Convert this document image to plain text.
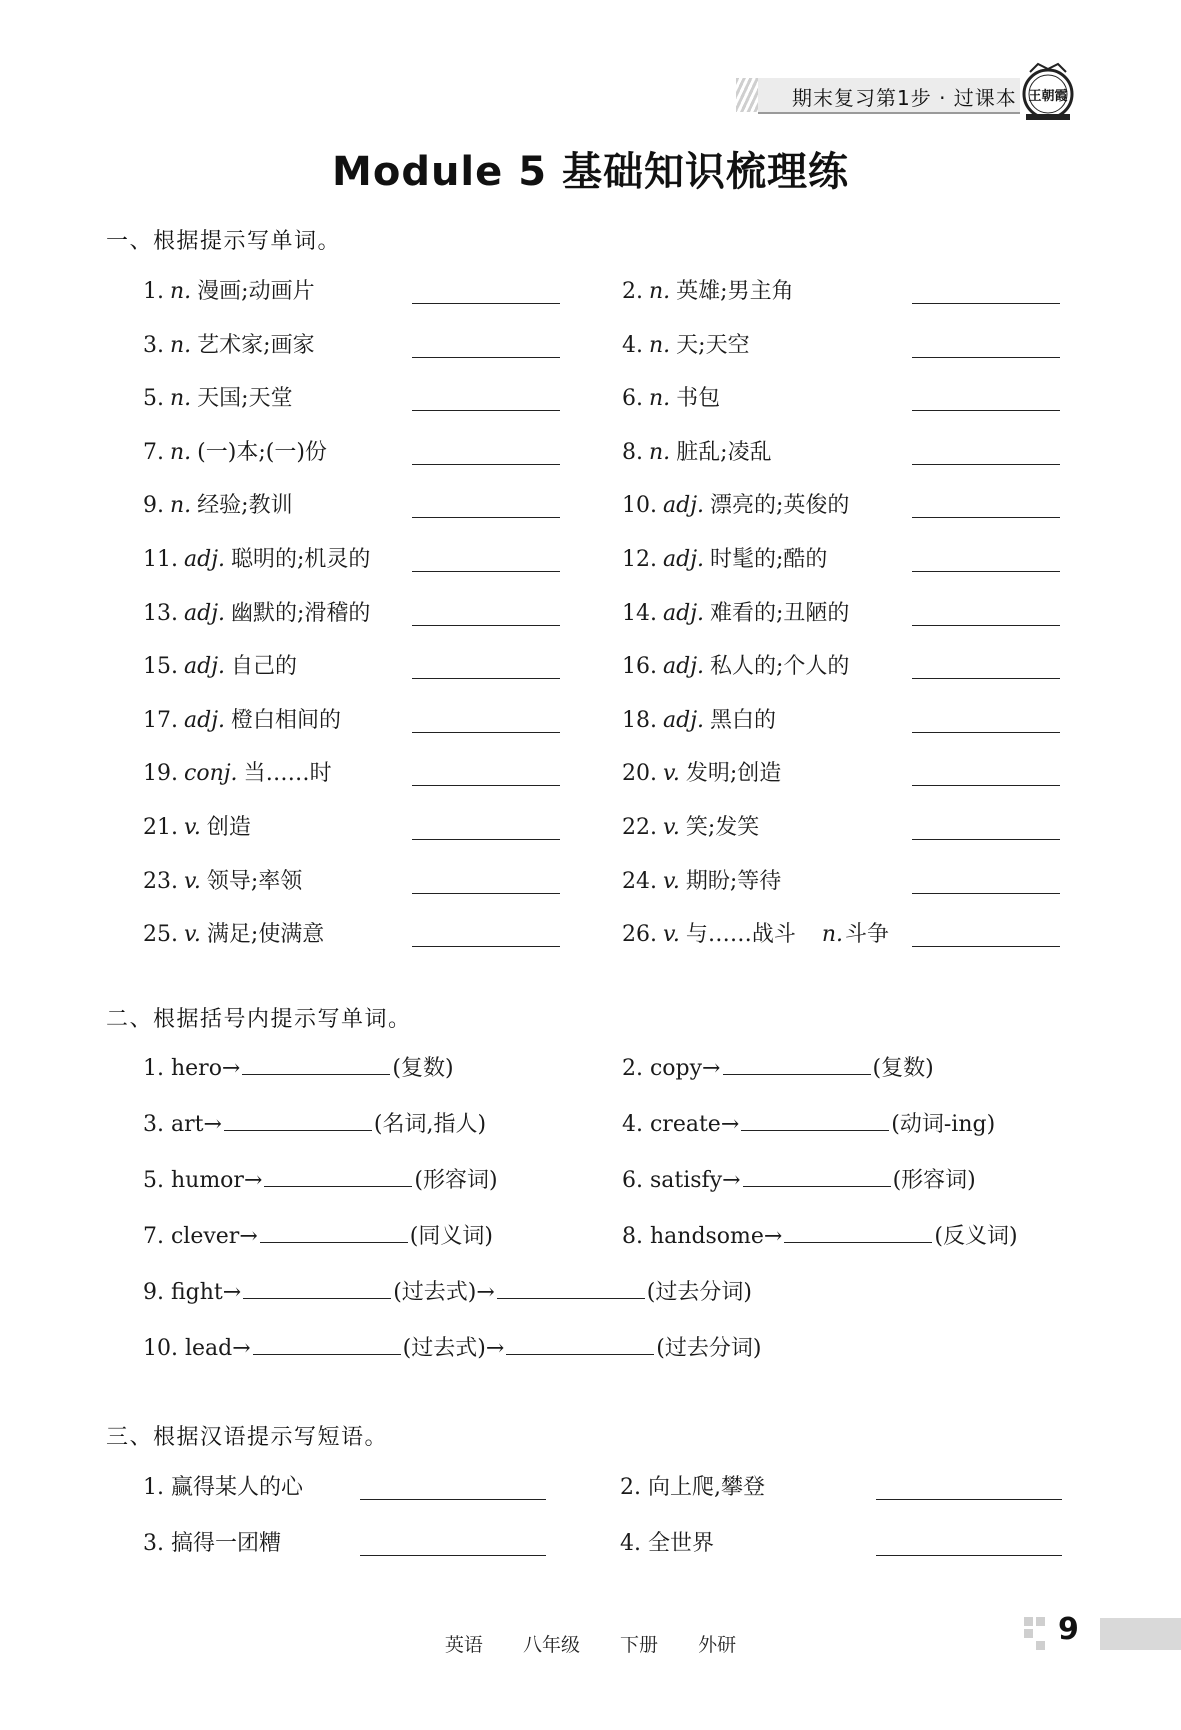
期末复习第1步 · 过课本 王朝霞
Module 5 基础知识梳理练
一、根据提示写单词。
1. n. 漫画;动画片	2. n. 英雄;男主角
3. n. 艺术家;画家	4. n. 天;天空
5. n. 天国;天堂	6. n. 书包
7. n. (一)本;(一)份	8. n. 脏乱;凌乱
9. n. 经验;教训	10. adj. 漂亮的;英俊的
11. adj. 聪明的;机灵的	12. adj. 时髦的;酷的
13. adj. 幽默的;滑稽的	14. adj. 难看的;丑陋的
15. adj. 自己的	16. adj. 私人的;个人的
17. adj. 橙白相间的	18. adj. 黑白的
19. conj. 当……时	20. v. 发明;创造
21. v. 创造	22. v. 笑;发笑
23. v. 领导;率领	24. v. 期盼;等待
25. v. 满足;使满意	26. v. 与……战斗 n. 斗争
二、根据括号内提示写单词。
1. hero→	(复数)	2. copy→	(复数)
3. art→	(名词,指人)	4. create→	(动词-ing)
5. humor→	(形容词)	6. satisfy→	(形容词)
7. clever→	(同义词)	8. handsome→	(反义词)
9. fight→	(过去式)→	(过去分词)
10. lead→	(过去式)→	(过去分词)
三、根据汉语提示写短语。
1. 赢得某人的心	2. 向上爬,攀登
3. 搞得一团糟	4. 全世界
英语 八年级 下册 外研	9
